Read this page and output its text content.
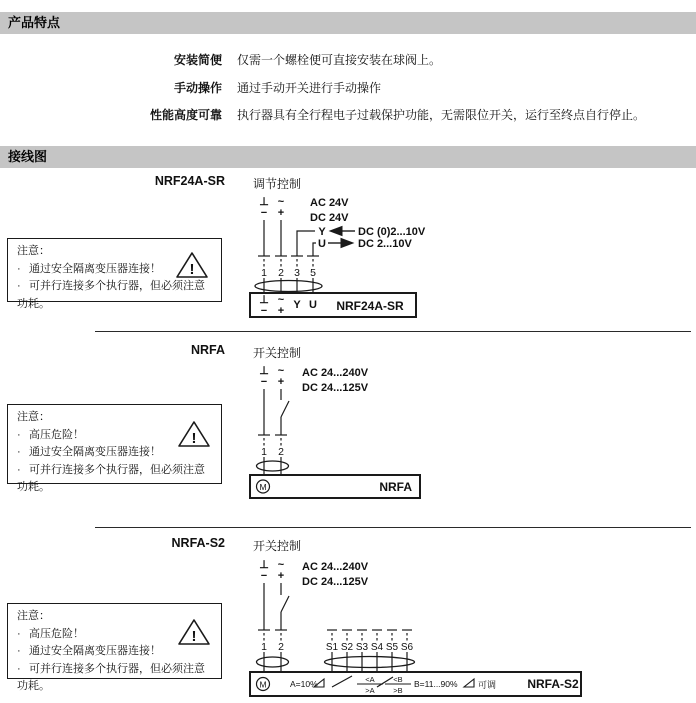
产品特点
安装简便 仅需一个螺栓便可直接安装在球阀上。
手动操作 通过手动开关进行手动操作
性能高度可靠 执行器具有全行程电子过载保护功能，无需限位开关，运行至终点自行停止。
接线图
NRF24A-SR 调节控制
注意：
· 通过安全隔离变压器连接！
· 可并行连接多个执行器，但必须注意功耗。
!
⊥
−
~
+
AC 24V
DC 24V
Y	DC (0)2...10V
U	DC 2...10V
1 2 3 5
⊥
−
~
+ Y U NRF24A-SR
NRFA 开关控制
注意：
· 高压危险！
· 通过安全隔离变压器连接！
· 可并行连接多个执行器，但必须注意功耗。
!
⊥
−
~
+
AC 24...240V
DC 24...125V
1 2
M	NRFA
NRFA-S2 开关控制
注意：
· 高压危险！
· 通过安全隔离变压器连接！
· 可并行连接多个执行器，但必须注意功耗。
!
⊥
−
~
+
AC 24...240V
DC 24...125V
1 2	S1 S2 S3 S4 S5 S6
M	A=10%	<A
>A
<B
>B
B=11...90% 可调	NRFA-S2
